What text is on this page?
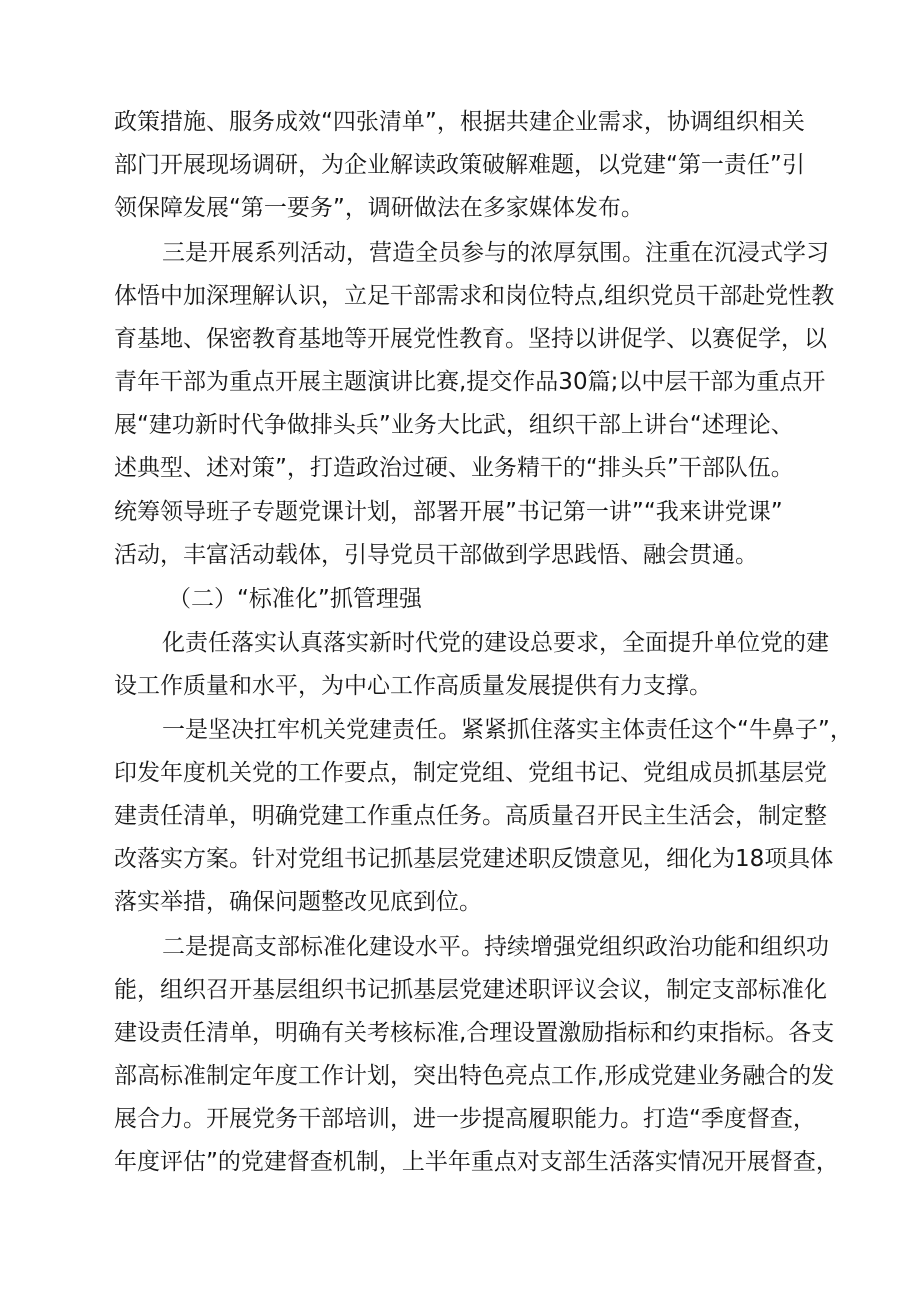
政策措施、服务成效“四张清单”，根据共建企业需求，协调组织相关
部门开展现场调研，为企业解读政策破解难题，以党建“第一责任”引
领保障发展“第一要务”，调研做法在多家媒体发布。
三是开展系列活动，营造全员参与的浓厚氛围。注重在沉浸式学习
体悟中加深理解认识，立足干部需求和岗位特点,组织党员干部赴党性教
育基地、保密教育基地等开展党性教育。坚持以讲促学、以赛促学，以
青年干部为重点开展主题演讲比赛,提交作品30篇;以中层干部为重点开
展“建功新时代争做排头兵”业务大比武，组织干部上讲台“述理论、
述典型、述对策”，打造政治过硬、业务精干的“排头兵”干部队伍。
统筹领导班子专题党课计划，部署开展”书记第一讲”“我来讲党课”
活动，丰富活动载体，引导党员干部做到学思践悟、融会贯通。
（二）“标准化”抓管理强
化责任落实认真落实新时代党的建设总要求，全面提升单位党的建
设工作质量和水平，为中心工作高质量发展提供有力支撑。
一是坚决扛牢机关党建责任。紧紧抓住落实主体责任这个“牛鼻子”，
印发年度机关党的工作要点，制定党组、党组书记、党组成员抓基层党
建责任清单，明确党建工作重点任务。高质量召开民主生活会，制定整
改落实方案。针对党组书记抓基层党建述职反馈意见，细化为18项具体
落实举措，确保问题整改见底到位。
二是提高支部标准化建设水平。持续增强党组织政治功能和组织功
能，组织召开基层组织书记抓基层党建述职评议会议，制定支部标准化
建设责任清单，明确有关考核标准,合理设置激励指标和约束指标。各支
部高标准制定年度工作计划，突出特色亮点工作,形成党建业务融合的发
展合力。开展党务干部培训，进一步提高履职能力。打造“季度督查，
年度评估”的党建督查机制，上半年重点对支部生活落实情况开展督查，
